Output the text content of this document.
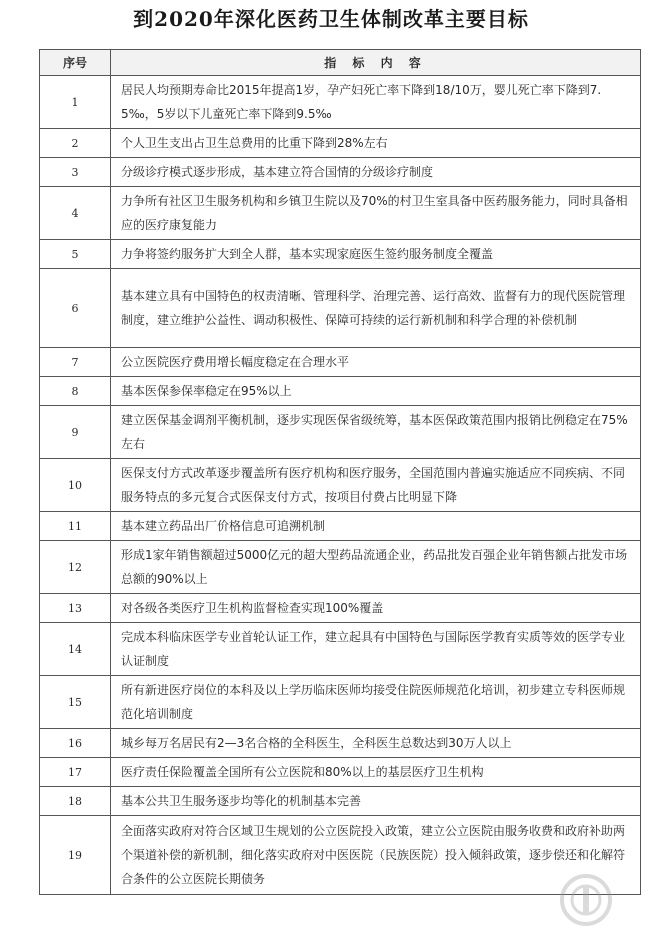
到2020年深化医药卫生体制改革主要目标
序号	指 标 内 容
1	居民人均预期寿命比2015年提高1岁，孕产妇死亡率下降到18/10万，婴儿死亡率下降到7.5‰，5岁以下儿童死亡率下降到9.5‰
2	个人卫生支出占卫生总费用的比重下降到28%左右
3	分级诊疗模式逐步形成，基本建立符合国情的分级诊疗制度
4	力争所有社区卫生服务机构和乡镇卫生院以及70%的村卫生室具备中医药服务能力，同时具备相应的医疗康复能力
5	力争将签约服务扩大到全人群，基本实现家庭医生签约服务制度全覆盖
6	基本建立具有中国特色的权责清晰、管理科学、治理完善、运行高效、监督有力的现代医院管理制度，建立维护公益性、调动积极性、保障可持续的运行新机制和科学合理的补偿机制
7	公立医院医疗费用增长幅度稳定在合理水平
8	基本医保参保率稳定在95%以上
9	建立医保基金调剂平衡机制，逐步实现医保省级统筹，基本医保政策范围内报销比例稳定在75%左右
10	医保支付方式改革逐步覆盖所有医疗机构和医疗服务，全国范围内普遍实施适应不同疾病、不同服务特点的多元复合式医保支付方式，按项目付费占比明显下降
11	基本建立药品出厂价格信息可追溯机制
12	形成1家年销售额超过5000亿元的超大型药品流通企业，药品批发百强企业年销售额占批发市场总额的90%以上
13	对各级各类医疗卫生机构监督检查实现100%覆盖
14	完成本科临床医学专业首轮认证工作，建立起具有中国特色与国际医学教育实质等效的医学专业认证制度
15	所有新进医疗岗位的本科及以上学历临床医师均接受住院医师规范化培训，初步建立专科医师规范化培训制度
16	城乡每万名居民有2—3名合格的全科医生，全科医生总数达到30万人以上
17	医疗责任保险覆盖全国所有公立医院和80%以上的基层医疗卫生机构
18	基本公共卫生服务逐步均等化的机制基本完善
19	全面落实政府对符合区域卫生规划的公立医院投入政策，建立公立医院由服务收费和政府补助两个渠道补偿的新机制，细化落实政府对中医医院（民族医院）投入倾斜政策，逐步偿还和化解符合条件的公立医院长期债务
